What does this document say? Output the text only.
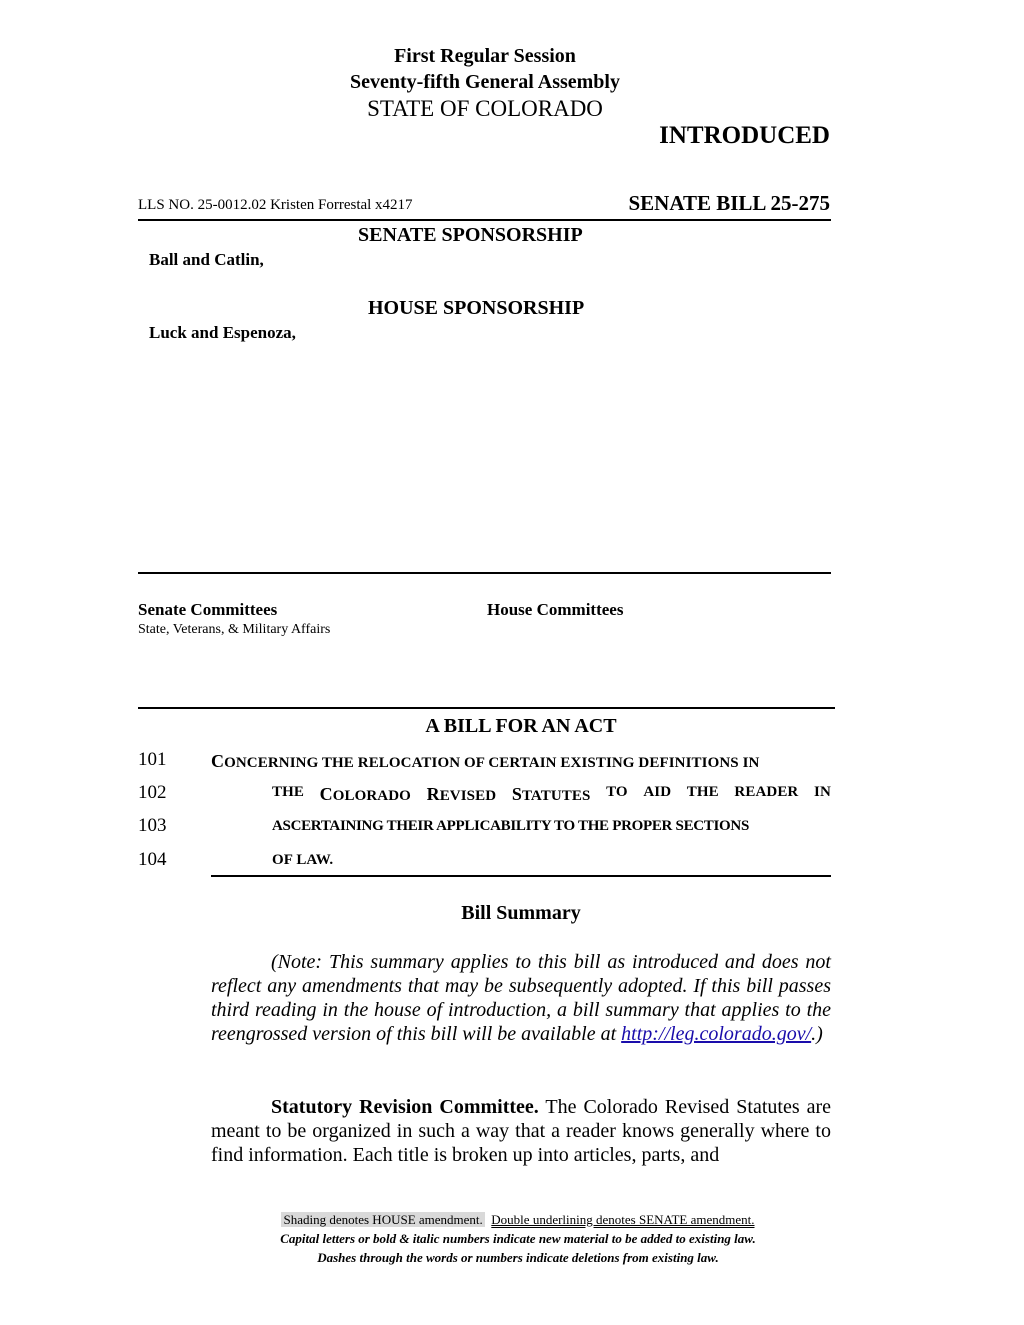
First Regular Session
Seventy-fifth General Assembly
STATE OF COLORADO
INTRODUCED
LLS NO. 25-0012.02 Kristen Forrestal x4217	SENATE BILL 25-275
SENATE SPONSORSHIP
Ball and Catlin,
HOUSE SPONSORSHIP
Luck and Espenoza,
Senate Committees
State, Veterans, & Military Affairs
House Committees
A BILL FOR AN ACT
101 CONCERNING THE RELOCATION OF CERTAIN EXISTING DEFINITIONS IN
102	THE COLORADO REVISED STATUTES TO AID THE READER IN
103	ASCERTAINING THEIR APPLICABILITY TO THE PROPER SECTIONS
104	OF LAW.
Bill Summary
(Note: This summary applies to this bill as introduced and does not reflect any amendments that may be subsequently adopted. If this bill passes third reading in the house of introduction, a bill summary that applies to the reengrossed version of this bill will be available at http://leg.colorado.gov/.)
Statutory Revision Committee. The Colorado Revised Statutes are meant to be organized in such a way that a reader knows generally where to find information. Each title is broken up into articles, parts, and
Shading denotes HOUSE amendment. Double underlining denotes SENATE amendment.
Capital letters or bold & italic numbers indicate new material to be added to existing law.
Dashes through the words or numbers indicate deletions from existing law.
